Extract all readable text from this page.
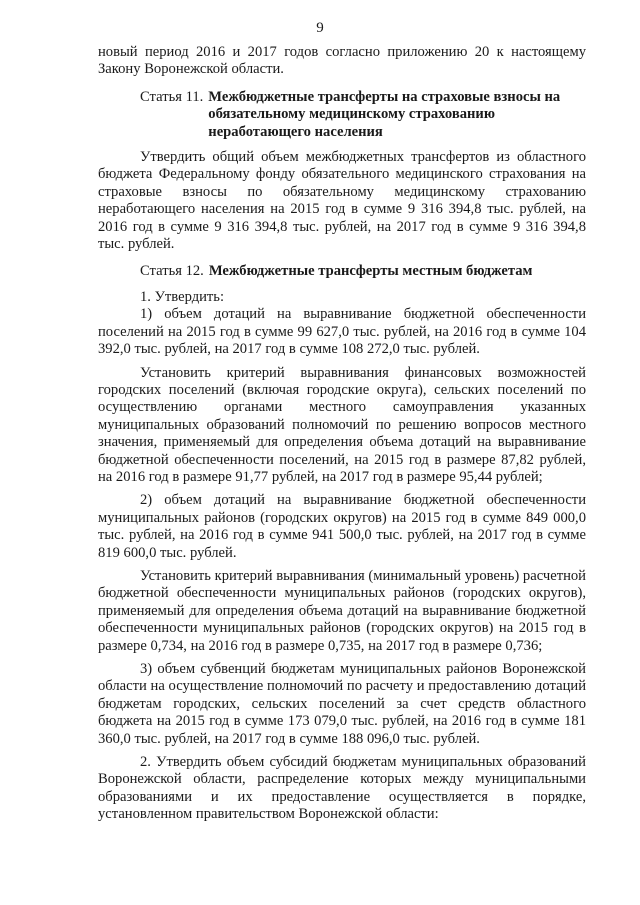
9

новый период 2016 и 2017 годов согласно приложению 20 к настоящему Закону Воронежской области.

Статья 11. Межбюджетные трансферты на страховые взносы на обязательному медицинскому страхованию неработающего населения

Утвердить общий объем межбюджетных трансфертов из областного бюджета Федеральному фонду обязательного медицинского страхования на страховые взносы по обязательному медицинскому страхованию неработающего населения на 2015 год в сумме 9 316 394,8 тыс. рублей, на 2016 год в сумме 9 316 394,8 тыс. рублей, на 2017 год в сумме 9 316 394,8 тыс. рублей.

Статья 12. Межбюджетные трансферты местным бюджетам

1. Утвердить:

1) объем дотаций на выравнивание бюджетной обеспеченности поселений на 2015 год в сумме 99 627,0 тыс. рублей, на 2016 год в сумме 104 392,0 тыс. рублей, на 2017 год в сумме 108 272,0 тыс. рублей.

Установить критерий выравнивания финансовых возможностей городских поселений (включая городские округа), сельских поселений по осуществлению органами местного самоуправления указанных муниципальных образований полномочий по решению вопросов местного значения, применяемый для определения объема дотаций на выравнивание бюджетной обеспеченности поселений, на 2015 год в размере 87,82 рублей, на 2016 год в размере 91,77 рублей, на 2017 год в размере 95,44 рублей;

2) объем дотаций на выравнивание бюджетной обеспеченности муниципальных районов (городских округов) на 2015 год в сумме 849 000,0 тыс. рублей, на 2016 год в сумме 941 500,0 тыс. рублей, на 2017 год в сумме 819 600,0 тыс. рублей.

Установить критерий выравнивания (минимальный уровень) расчетной бюджетной обеспеченности муниципальных районов (городских округов), применяемый для определения объема дотаций на выравнивание бюджетной обеспеченности муниципальных районов (городских округов) на 2015 год в размере 0,734, на 2016 год в размере 0,735, на 2017 год в размере 0,736;

3) объем субвенций бюджетам муниципальных районов Воронежской области на осуществление полномочий по расчету и предоставлению дотаций бюджетам городских, сельских поселений за счет средств областного бюджета на 2015 год в сумме 173 079,0 тыс. рублей, на 2016 год в сумме 181 360,0 тыс. рублей, на 2017 год в сумме 188 096,0 тыс. рублей.

2. Утвердить объем субсидий бюджетам муниципальных образований Воронежской области, распределение которых между муниципальными образованиями и их предоставление осуществляется в порядке, установленном правительством Воронежской области:
